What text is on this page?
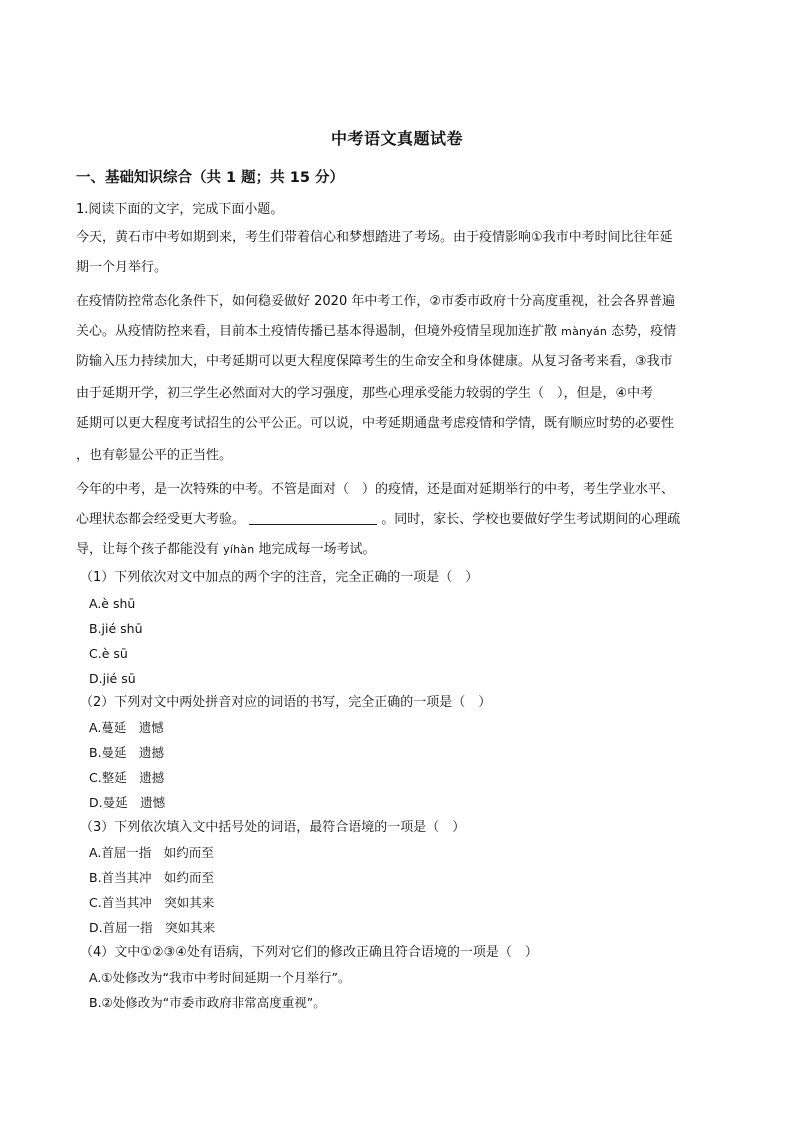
中考语文真题试卷
一、基础知识综合（共 1 题；共 15 分）
1.阅读下面的文字，完成下面小题。
今天，黄石市中考如期到来，考生们带着信心和梦想踏进了考场。由于疫情影响①我市中考时间比往年延
期一个月举行。
在疫情防控常态化条件下，如何稳妥做好 2020 年中考工作，②市委市政府十分高度重视，社会各界普遍
关心。从疫情防控来看，目前本土疫情传播已基本得遏制，但境外疫情呈现加连扩散 mànyán 态势，疫情
防输入压力持续加大，中考延期可以更大程度保障考生的生命安全和身体健康。从复习备考来看，③我市
由于延期开学，初三学生必然面对大的学习强度，那些心理承受能力较弱的学生（　），但是，④中考
延期可以更大程度考试招生的公平公正。可以说，中考延期通盘考虑疫情和学情，既有顺应时势的必要性
，也有彰显公平的正当性。
今年的中考，是一次特殊的中考。不管是面对（　）的疫情，还是面对延期举行的中考，考生学业水平、
心理状态都会经受更大考验。	。同时，家长、学校也要做好学生考试期间的心理疏
导，让每个孩子都能没有 yíhàn 地完成每一场考试。
（1）下列依次对文中加点的两个字的注音，完全正确的一项是（　）
A.è shū
B.jié shū
C.è sū
D.jié sū
（2）下列对文中两处拼音对应的词语的书写，完全正确的一项是（　）
A.蔓延　遗憾
B.曼延　遗撼
C.整延　遗撼
D.曼延　遗憾
（3）下列依次填入文中括号处的词语，最符合语境的一项是（　）
A.首屈一指　如约而至
B.首当其冲　如约而至
C.首当其冲　突如其来
D.首屈一指　突如其来
（4）文中①②③④处有语病，下列对它们的修改正确且符合语境的一项是（　）
A.①处修改为“我市中考时间延期一个月举行”。
B.②处修改为“市委市政府非常高度重视”。
